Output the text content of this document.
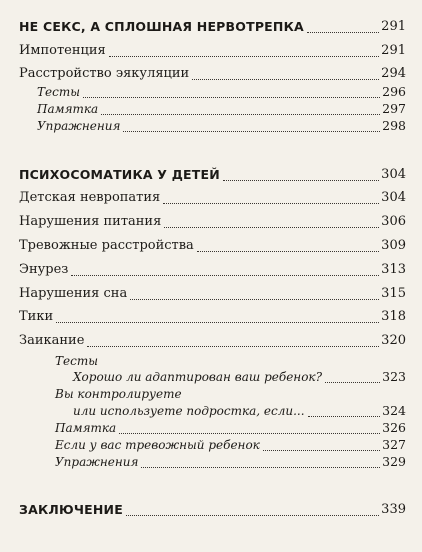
НЕ СЕКС, А СПЛОШНАЯ НЕРВОТРЕПКА	291
Импотенция	291
Расстройство эякуляции	294
Тесты	296
Памятка	297
Упражнения	298
ПСИХОСОМАТИКА У ДЕТЕЙ	304
Детская невропатия	304
Нарушения питания	306
Тревожные расстройства	309
Энурез	313
Нарушения сна	315
Тики	318
Заикание	320
Тесты
Хорошо ли адаптирован ваш ребенок?	323
Вы контролируете
или используете подростка, если...	324
Памятка	326
Если у вас тревожный ребенок	327
Упражнения	329
ЗАКЛЮЧЕНИЕ	339
